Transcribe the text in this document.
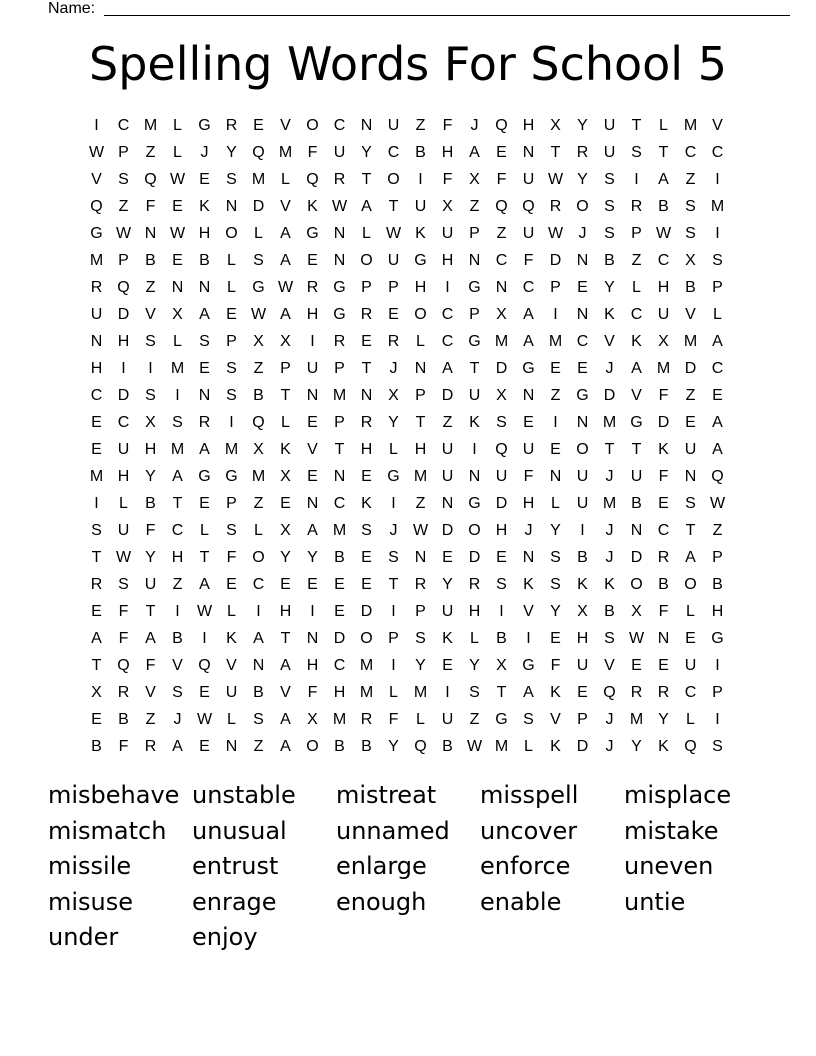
Name:
Spelling Words For School 5
I	C M L	G R E	V O C N U	Z	F	J	Q H X	Y U	T	L M V
W P	Z	L	J	Y Q M F	U Y C B H A	E N	T	R U S	T	C C
V	S Q W E	S M L	Q R	T O	I	F	X	F	U W Y	S	I	A	Z	I
Q Z	F	E	K N D V	K W A	T	U X	Z Q Q R O S R B	S M
G W N W H O	L	A G N	L W K U P	Z	U W J	S	P W S	I
M P	B	E	B	L	S	A	E N O U G H N C	F	D N B	Z	C X	S
R Q Z	N N	L	G W R G P	P H	I	G N C P	E	Y	L	H B	P
U D V	X	A	E W A H G R E O C P	X	A	I	N K C U V	L
N H S	L	S	P	X	X	I	R E R	L	C G M A M C V	K	X M A
H	I	I	M E	S	Z	P U P	T	J	N A	T	D G E	E	J	A M D C
C D S	I	N S	B	T	N M N X	P D U X N	Z G D V	F	Z	E
E C X	S R	I	Q	L	E	P R Y	T	Z	K	S	E	I	N M G D E	A
E U H M A M X	K	V	T	H	L	H U	I	Q U E O T	T	K U A
M H Y	A G G M X	E N E G M U N U	F	N U	J	U	F	N Q
I	L	B	T	E	P	Z	E N C K	I	Z	N G D H	L	U M B	E	S W
S U	F	C	L	S	L	X	A M S	J W D O H	J	Y	I	J	N C	T	Z
T W Y H	T	F O Y	Y	B	E	S N E D E N S	B	J	D R A	P
R S U	Z	A	E C E	E	E	E	T	R Y R S	K	S	K	K O B O B
E	F	T	I	W L	I	H	I	E D	I	P U H	I	V	Y	X	B	X	F	L	H
A	F	A	B	I	K	A	T	N D O P	S	K	L	B	I	E H S W N E G
T Q F	V Q V N A H C M	I	Y	E	Y	X G F	U V	E	E U	I
X R V	S	E U B	V	F	H M L M	I	S	T	A	K	E Q R R C P
E	B	Z	J W L	S	A	X M R	F	L	U	Z G S	V	P	J	M Y	L	I
B	F	R A	E N	Z	A O B	B	Y Q B W M L	K D	J	Y	K Q S
misbehave unstable	mistreat	misspell	misplace
mismatch	unusual	unnamed	uncover	mistake
missile	entrust	enlarge	enforce	uneven
misuse	enrage	enough	enable	untie
under	enjoy
